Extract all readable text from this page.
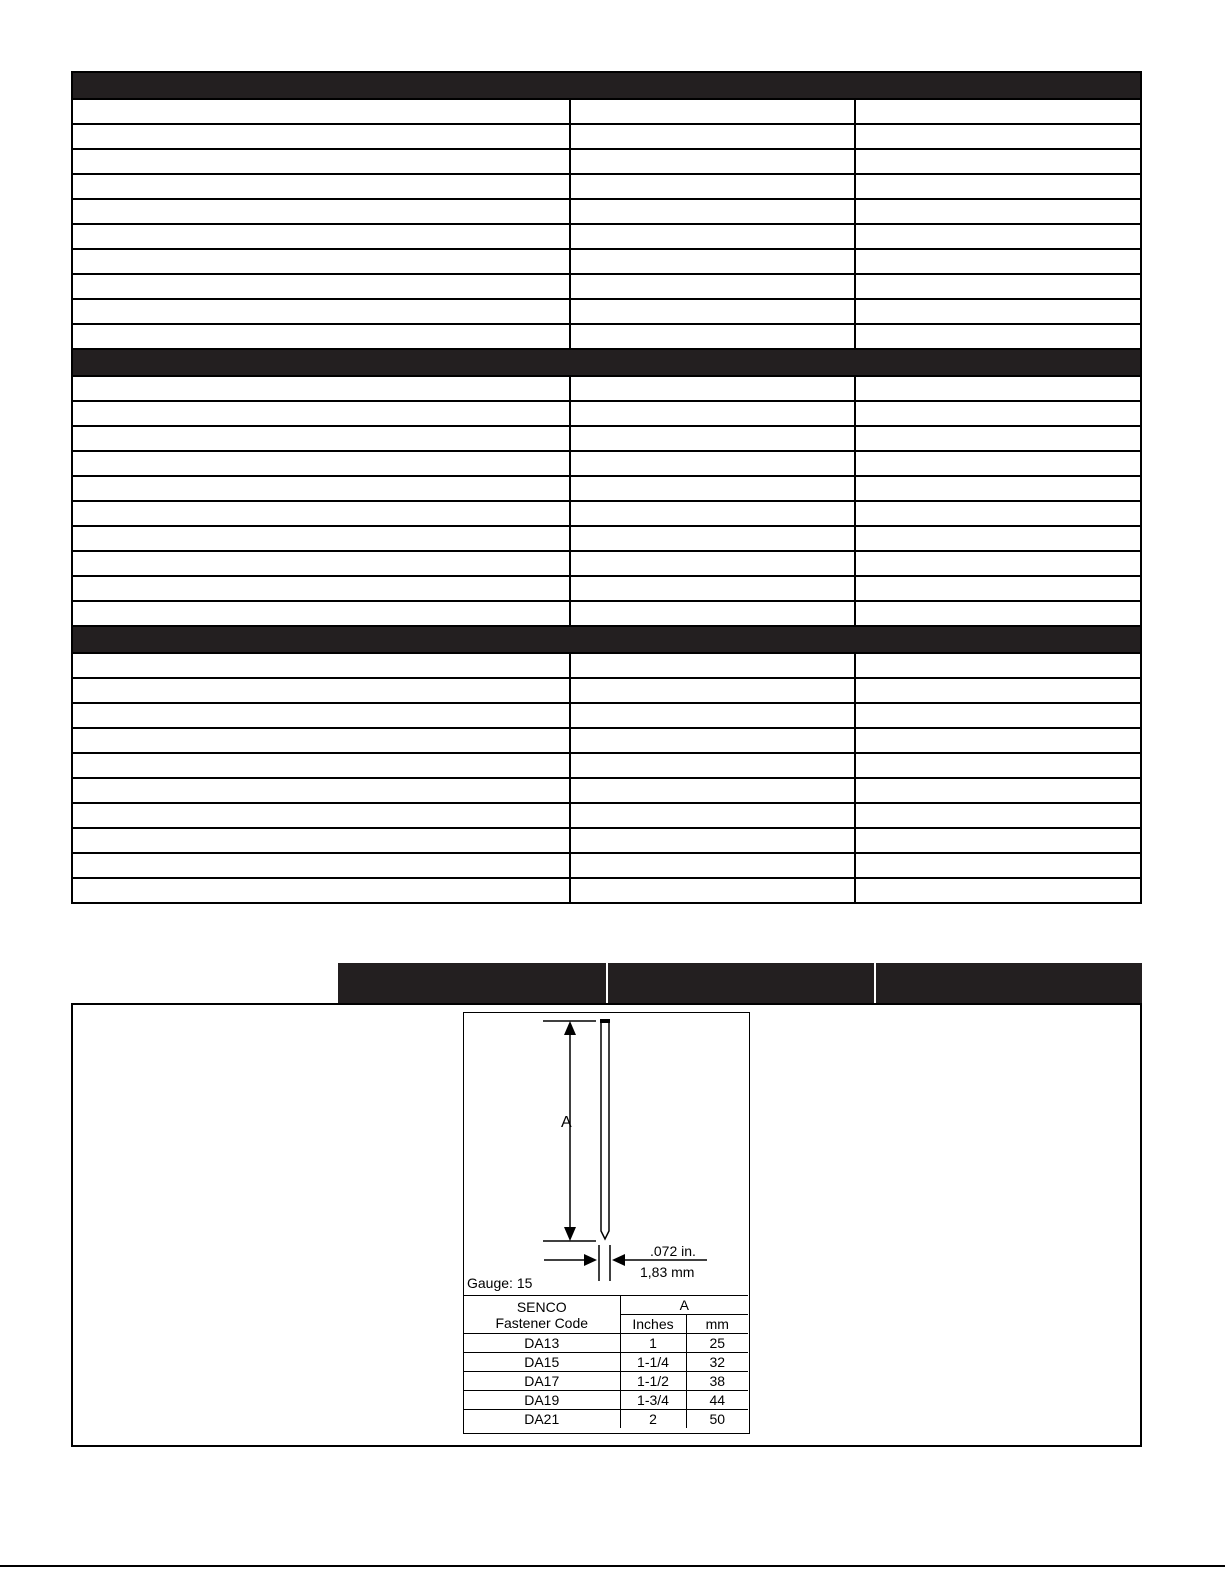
A
.072 in.
1,83 mm
Gauge: 15
SENCO
Fastener Code	A	
	Inches	mm
DA13	1	25
DA15	1-1/4	32
DA17	1-1/2	38
DA19	1-3/4	44
DA21	2	50
